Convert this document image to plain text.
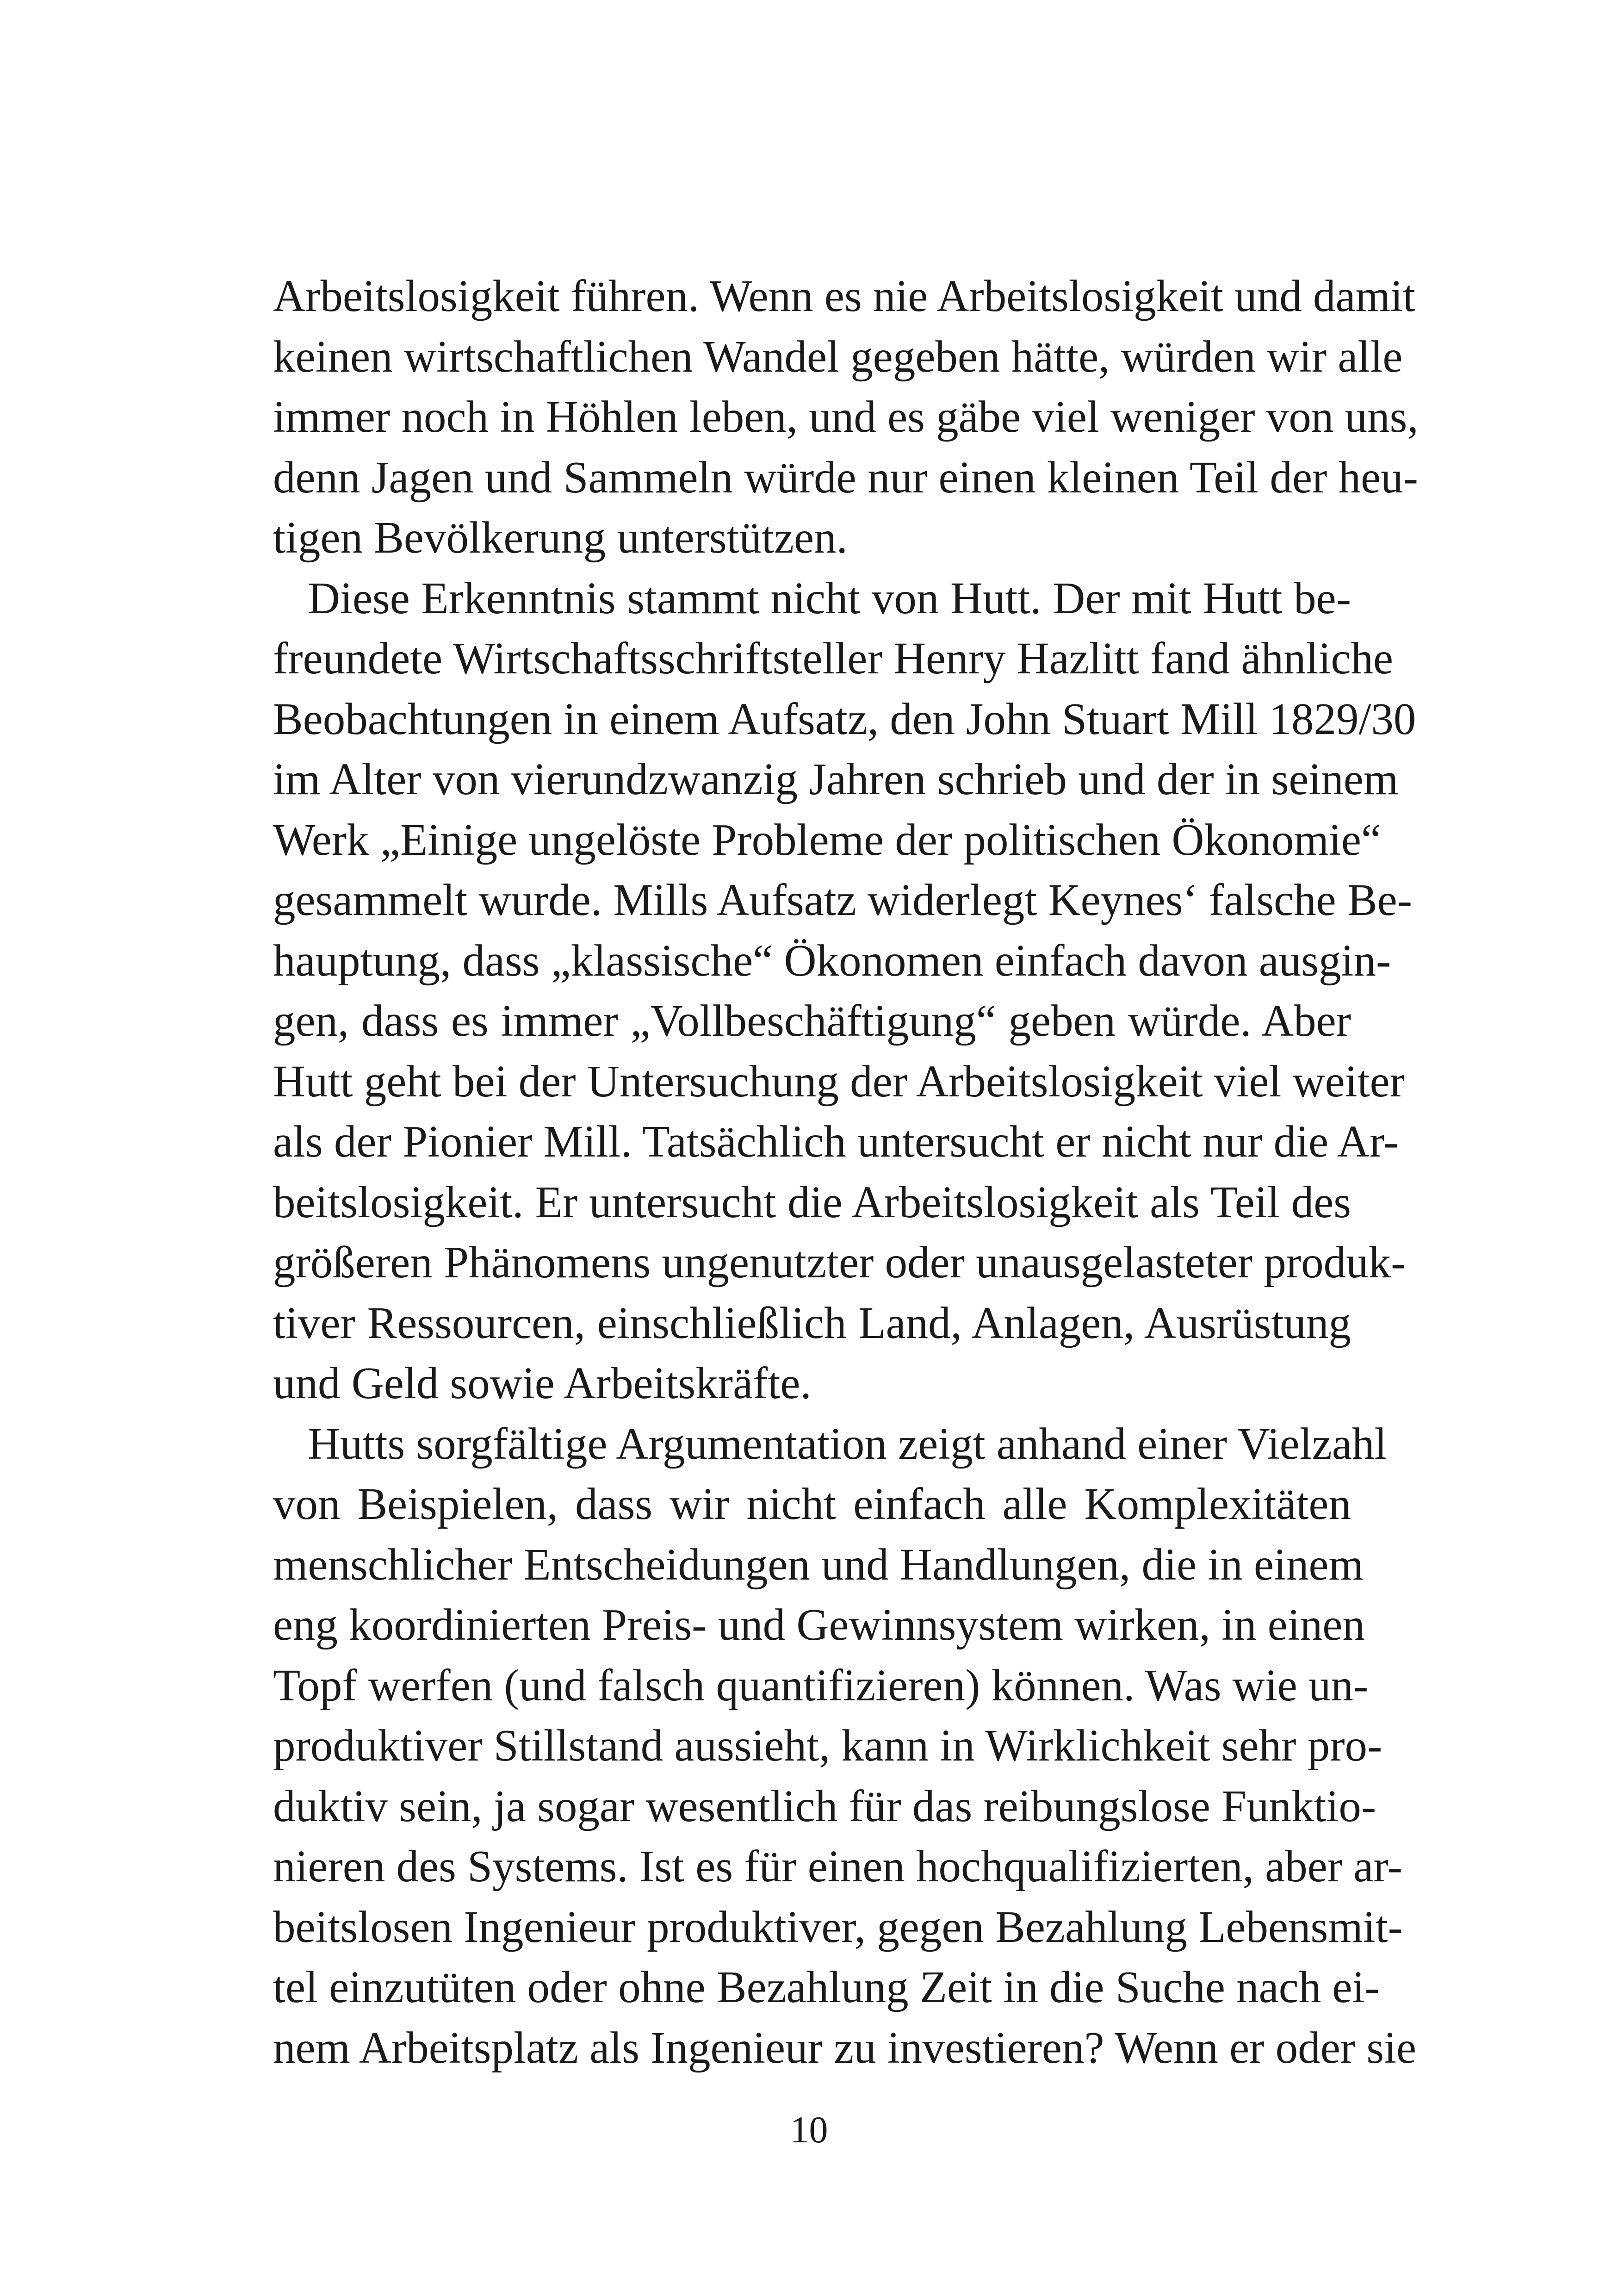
Arbeitslosigkeit führen. Wenn es nie Arbeitslosigkeit und damit
keinen wirtschaftlichen Wandel gegeben hätte, würden wir alle
immer noch in Höhlen leben, und es gäbe viel weniger von uns,
denn Jagen und Sammeln würde nur einen kleinen Teil der heu-
tigen Bevölkerung unterstützen.
Diese Erkenntnis stammt nicht von Hutt. Der mit Hutt be-
freundete Wirtschaftsschriftsteller Henry Hazlitt fand ähnliche
Beobachtungen in einem Aufsatz, den John Stuart Mill 1829/30
im Alter von vierundzwanzig Jahren schrieb und der in seinem
Werk „Einige ungelöste Probleme der politischen Ökonomie“
gesammelt wurde. Mills Aufsatz widerlegt Keynes‘ falsche Be-
hauptung, dass „klassische“ Ökonomen einfach davon ausgin-
gen, dass es immer „Vollbeschäftigung“ geben würde. Aber
Hutt geht bei der Untersuchung der Arbeitslosigkeit viel weiter
als der Pionier Mill. Tatsächlich untersucht er nicht nur die Ar-
beitslosigkeit. Er untersucht die Arbeitslosigkeit als Teil des
größeren Phänomens ungenutzter oder unausgelasteter produk-
tiver Ressourcen, einschließlich Land, Anlagen, Ausrüstung
und Geld sowie Arbeitskräfte.
Hutts sorgfältige Argumentation zeigt anhand einer Vielzahl
von Beispielen, dass wir nicht einfach alle Komplexitäten
menschlicher Entscheidungen und Handlungen, die in einem
eng koordinierten Preis- und Gewinnsystem wirken, in einen
Topf werfen (und falsch quantifizieren) können. Was wie un-
produktiver Stillstand aussieht, kann in Wirklichkeit sehr pro-
duktiv sein, ja sogar wesentlich für das reibungslose Funktio-
nieren des Systems. Ist es für einen hochqualifizierten, aber ar-
beitslosen Ingenieur produktiver, gegen Bezahlung Lebensmit-
tel einzutüten oder ohne Bezahlung Zeit in die Suche nach ei-
nem Arbeitsplatz als Ingenieur zu investieren? Wenn er oder sie
10
